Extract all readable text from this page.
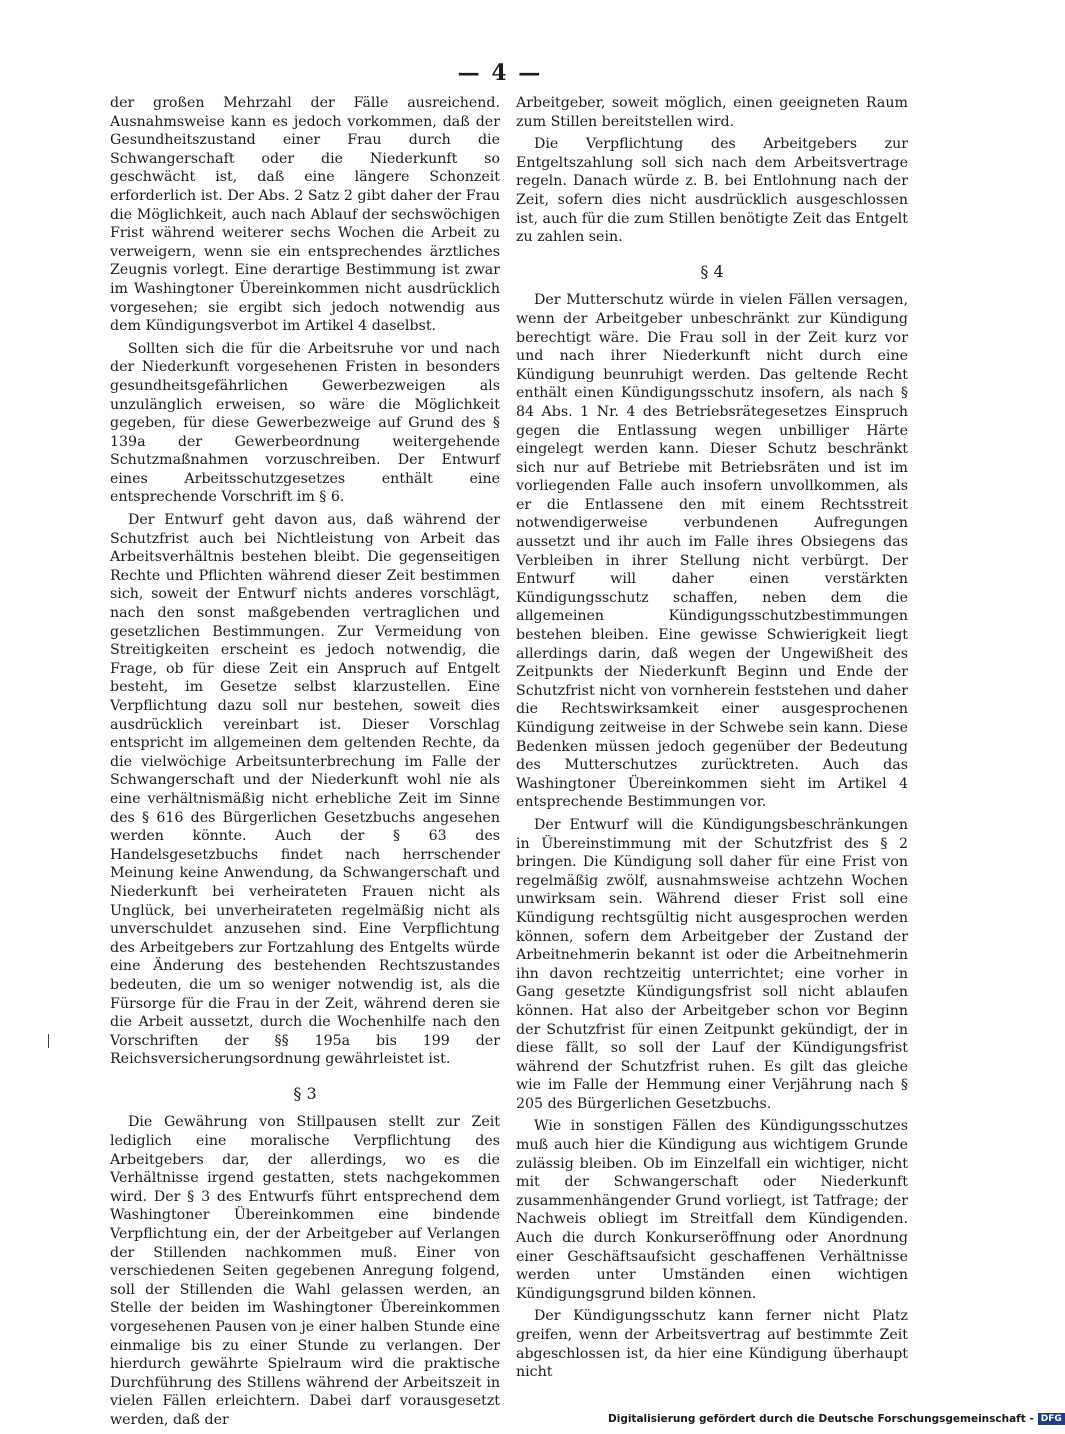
— 4 —

der großen Mehrzahl der Fälle ausreichend. Ausnahmsweise kann es jedoch vorkommen, daß der Gesundheitszustand einer Frau durch die Schwangerschaft oder die Niederkunft so geschwächt ist, daß eine längere Schonzeit erforderlich ist. Der Abs. 2 Satz 2 gibt daher der Frau die Möglichkeit, auch nach Ablauf der sechswöchigen Frist während weiterer sechs Wochen die Arbeit zu verweigern, wenn sie ein entsprechendes ärztliches Zeugnis vorlegt. Eine derartige Bestimmung ist zwar im Washingtoner Übereinkommen nicht ausdrücklich vorgesehen; sie ergibt sich jedoch notwendig aus dem Kündigungsverbot im Artikel 4 daselbst.

Sollten sich die für die Arbeitsruhe vor und nach der Niederkunft vorgesehenen Fristen in besonders gesundheitsgefährlichen Gewerbezweigen als unzulänglich erweisen, so wäre die Möglichkeit gegeben, für diese Gewerbezweige auf Grund des § 139a der Gewerbeordnung weitergehende Schutzmaßnahmen vorzuschreiben. Der Entwurf eines Arbeitsschutzgesetzes enthält eine entsprechende Vorschrift im § 6.

Der Entwurf geht davon aus, daß während der Schutzfrist auch bei Nichtleistung von Arbeit das Arbeitsverhältnis bestehen bleibt. Die gegenseitigen Rechte und Pflichten während dieser Zeit bestimmen sich, soweit der Entwurf nichts anderes vorschlägt, nach den sonst maßgebenden vertraglichen und gesetzlichen Bestimmungen. Zur Vermeidung von Streitigkeiten erscheint es jedoch notwendig, die Frage, ob für diese Zeit ein Anspruch auf Entgelt besteht, im Gesetze selbst klarzustellen. Eine Verpflichtung dazu soll nur bestehen, soweit dies ausdrücklich vereinbart ist. Dieser Vorschlag entspricht im allgemeinen dem geltenden Rechte, da die vielwöchige Arbeitsunterbrechung im Falle der Schwangerschaft und der Niederkunft wohl nie als eine verhältnismäßig nicht erhebliche Zeit im Sinne des § 616 des Bürgerlichen Gesetzbuchs angesehen werden könnte. Auch der § 63 des Handelsgesetzbuchs findet nach herrschender Meinung keine Anwendung, da Schwangerschaft und Niederkunft bei verheirateten Frauen nicht als Unglück, bei unverheirateten regelmäßig nicht als unverschuldet anzusehen sind. Eine Verpflichtung des Arbeitgebers zur Fortzahlung des Entgelts würde eine Änderung des bestehenden Rechtszustandes bedeuten, die um so weniger notwendig ist, als die Fürsorge für die Frau in der Zeit, während deren sie die Arbeit aussetzt, durch die Wochenhilfe nach den Vorschriften der §§ 195a bis 199 der Reichsversicherungsordnung gewährleistet ist.

§ 3

Die Gewährung von Stillpausen stellt zur Zeit lediglich eine moralische Verpflichtung des Arbeitgebers dar, der allerdings, wo es die Verhältnisse irgend gestatten, stets nachgekommen wird. Der § 3 des Entwurfs führt entsprechend dem Washingtoner Übereinkommen eine bindende Verpflichtung ein, der der Arbeitgeber auf Verlangen der Stillenden nachkommen muß. Einer von verschiedenen Seiten gegebenen Anregung folgend, soll der Stillenden die Wahl gelassen werden, an Stelle der beiden im Washingtoner Übereinkommen vorgesehenen Pausen von je einer halben Stunde eine einmalige bis zu einer Stunde zu verlangen. Der hierdurch gewährte Spielraum wird die praktische Durchführung des Stillens während der Arbeitszeit in vielen Fällen erleichtern. Dabei darf vorausgesetzt werden, daß der

Arbeitgeber, soweit möglich, einen geeigneten Raum zum Stillen bereitstellen wird.

Die Verpflichtung des Arbeitgebers zur Entgeltszahlung soll sich nach dem Arbeitsvertrage regeln. Danach würde z. B. bei Entlohnung nach der Zeit, sofern dies nicht ausdrücklich ausgeschlossen ist, auch für die zum Stillen benötigte Zeit das Entgelt zu zahlen sein.

§ 4

Der Mutterschutz würde in vielen Fällen versagen, wenn der Arbeitgeber unbeschränkt zur Kündigung berechtigt wäre. Die Frau soll in der Zeit kurz vor und nach ihrer Niederkunft nicht durch eine Kündigung beunruhigt werden. Das geltende Recht enthält einen Kündigungsschutz insofern, als nach § 84 Abs. 1 Nr. 4 des Betriebsrätegesetzes Einspruch gegen die Entlassung wegen unbilliger Härte eingelegt werden kann. Dieser Schutz beschränkt sich nur auf Betriebe mit Betriebsräten und ist im vorliegenden Falle auch insofern unvollkommen, als er die Entlassene den mit einem Rechtsstreit notwendigerweise verbundenen Aufregungen aussetzt und ihr auch im Falle ihres Obsiegens das Verbleiben in ihrer Stellung nicht verbürgt. Der Entwurf will daher einen verstärkten Kündigungsschutz schaffen, neben dem die allgemeinen Kündigungsschutzbestimmungen bestehen bleiben. Eine gewisse Schwierigkeit liegt allerdings darin, daß wegen der Ungewißheit des Zeitpunkts der Niederkunft Beginn und Ende der Schutzfrist nicht von vornherein feststehen und daher die Rechtswirksamkeit einer ausgesprochenen Kündigung zeitweise in der Schwebe sein kann. Diese Bedenken müssen jedoch gegenüber der Bedeutung des Mutterschutzes zurücktreten. Auch das Washingtoner Übereinkommen sieht im Artikel 4 entsprechende Bestimmungen vor.

Der Entwurf will die Kündigungsbeschränkungen in Übereinstimmung mit der Schutzfrist des § 2 bringen. Die Kündigung soll daher für eine Frist von regelmäßig zwölf, ausnahmsweise achtzehn Wochen unwirksam sein. Während dieser Frist soll eine Kündigung rechtsgültig nicht ausgesprochen werden können, sofern dem Arbeitgeber der Zustand der Arbeitnehmerin bekannt ist oder die Arbeitnehmerin ihn davon rechtzeitig unterrichtet; eine vorher in Gang gesetzte Kündigungsfrist soll nicht ablaufen können. Hat also der Arbeitgeber schon vor Beginn der Schutzfrist für einen Zeitpunkt gekündigt, der in diese fällt, so soll der Lauf der Kündigungsfrist während der Schutzfrist ruhen. Es gilt das gleiche wie im Falle der Hemmung einer Verjährung nach § 205 des Bürgerlichen Gesetzbuchs.

Wie in sonstigen Fällen des Kündigungsschutzes muß auch hier die Kündigung aus wichtigem Grunde zulässig bleiben. Ob im Einzelfall ein wichtiger, nicht mit der Schwangerschaft oder Niederkunft zusammenhängender Grund vorliegt, ist Tatfrage; der Nachweis obliegt im Streitfall dem Kündigenden. Auch die durch Konkurseröffnung oder Anordnung einer Geschäftsaufsicht geschaffenen Verhältnisse werden unter Umständen einen wichtigen Kündigungsgrund bilden können.

Der Kündigungsschutz kann ferner nicht Platz greifen, wenn der Arbeitsvertrag auf bestimmte Zeit abgeschlossen ist, da hier eine Kündigung überhaupt nicht

Digitalisierung gefördert durch die Deutsche Forschungsgemeinschaft - DFG
